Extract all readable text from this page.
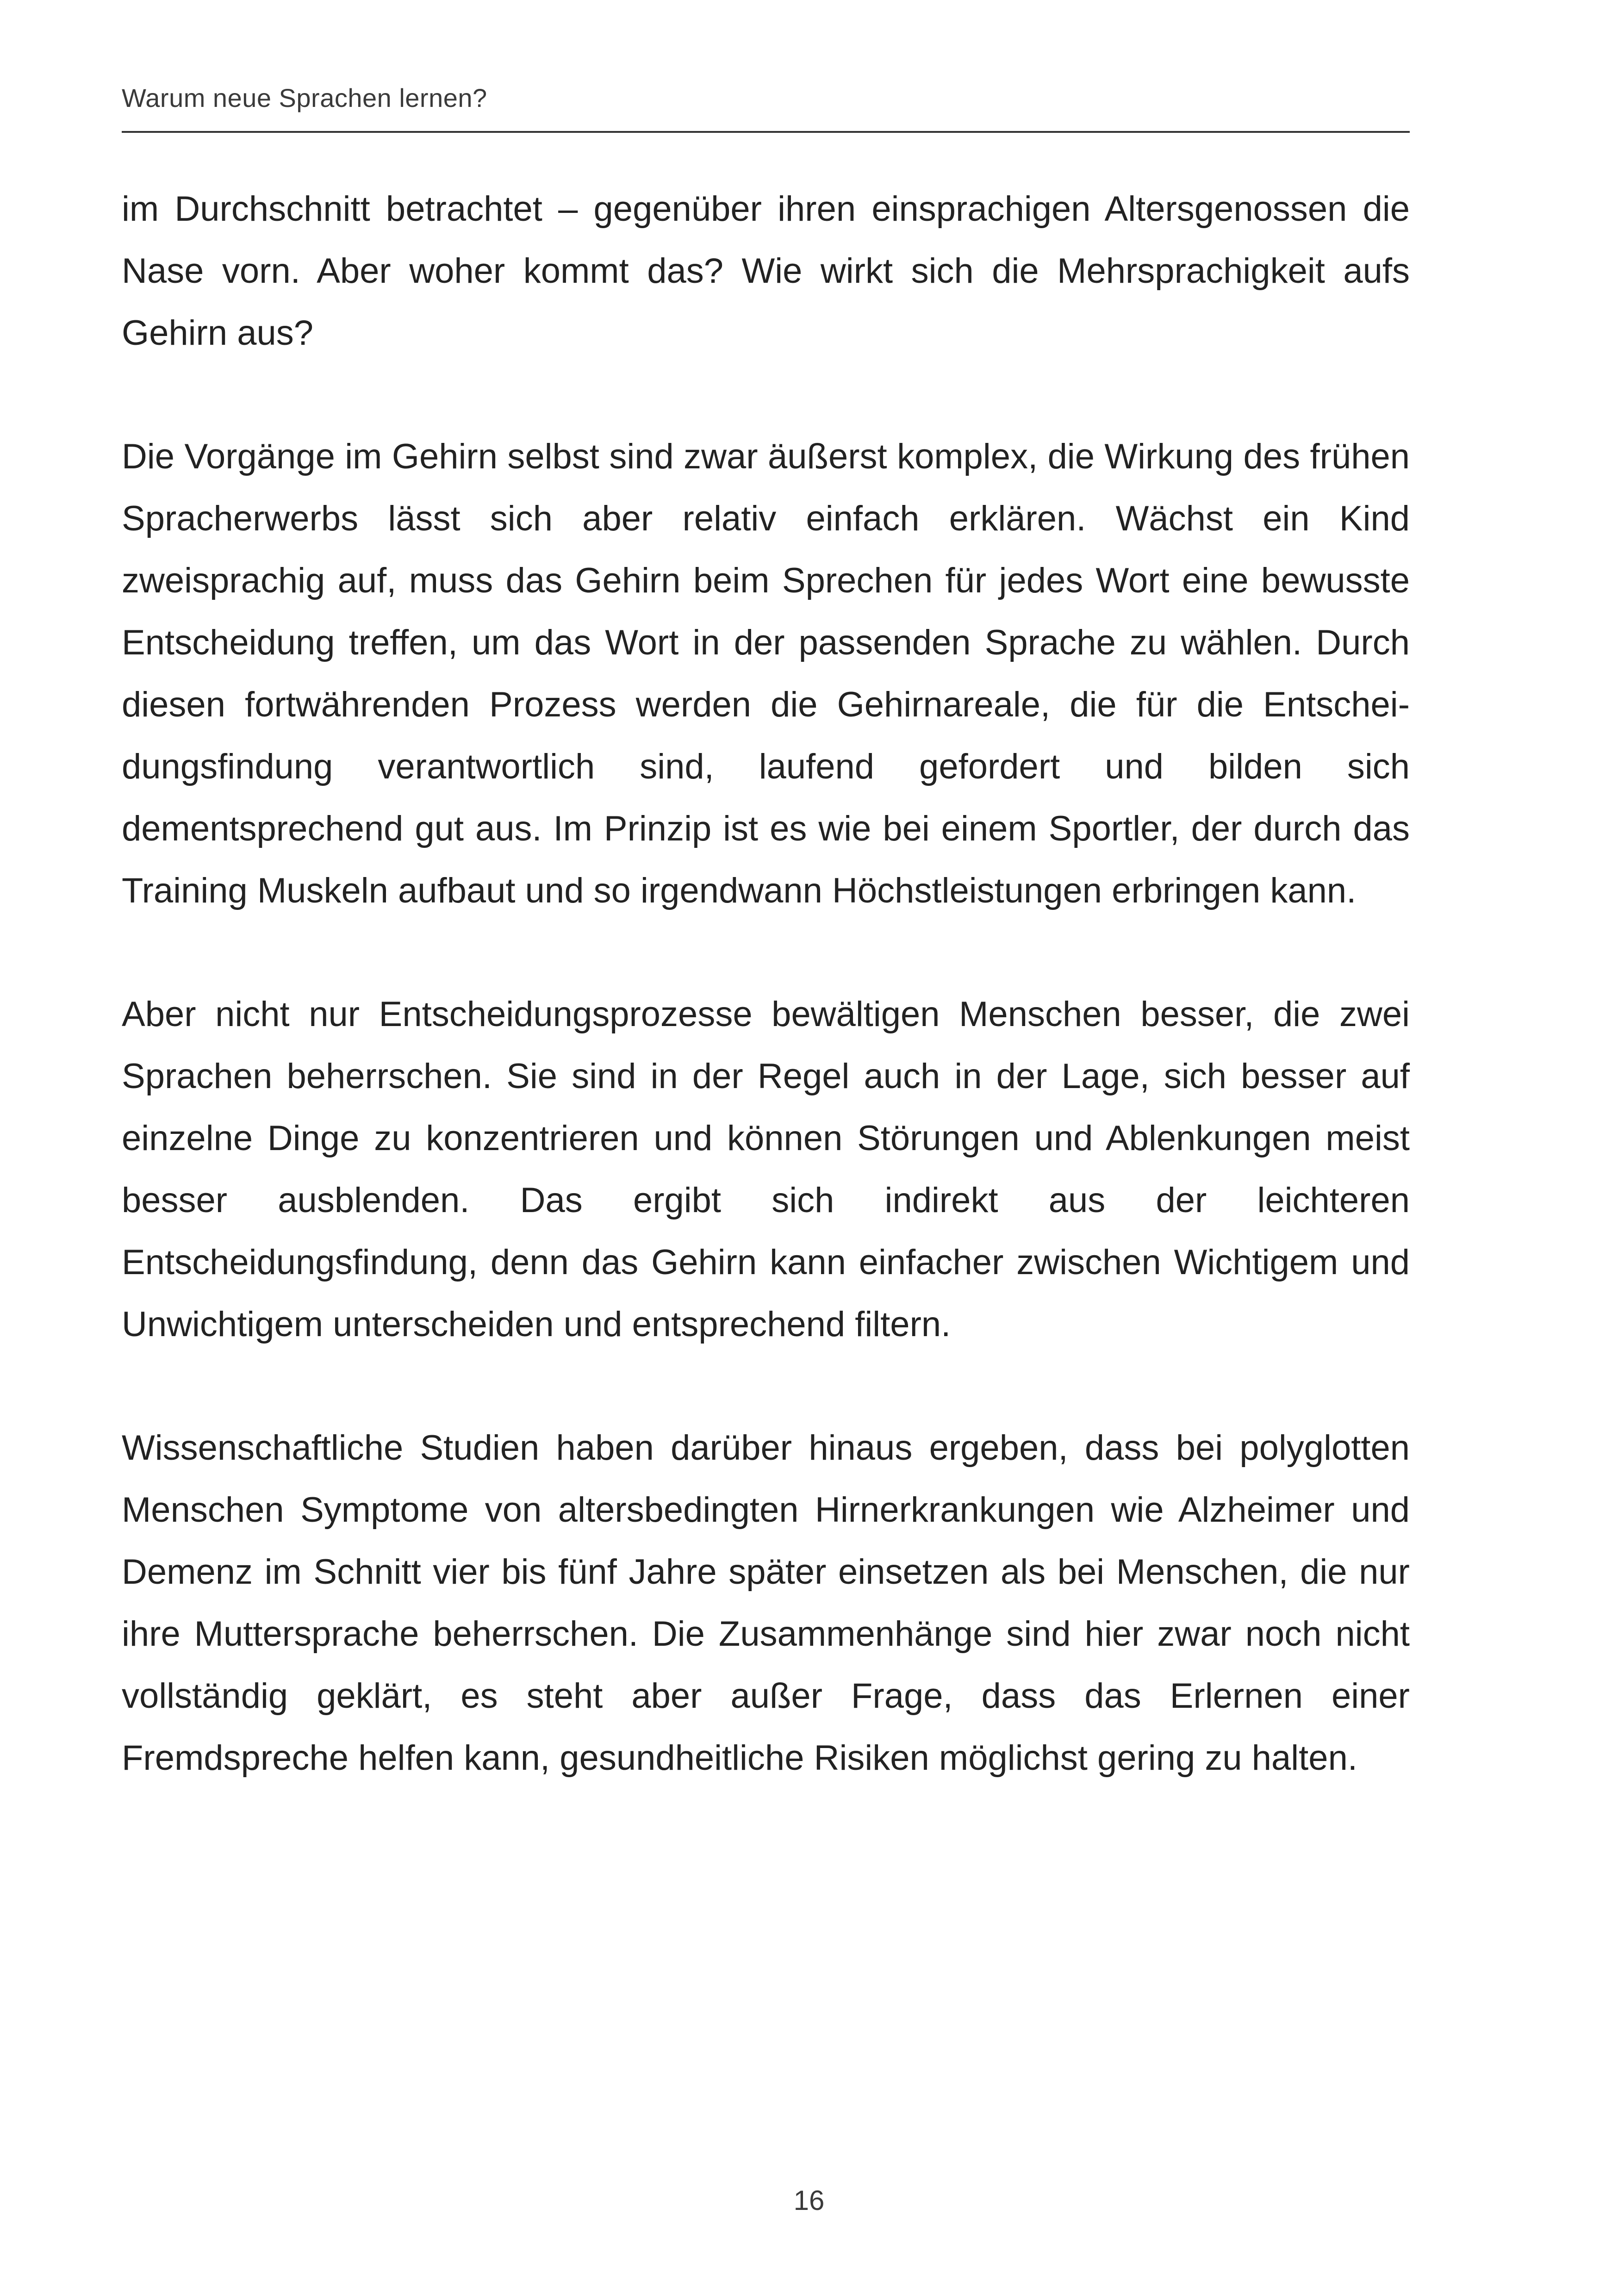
Warum neue Sprachen lernen?

im Durchschnitt betrachtet – gegenüber ihren einsprachigen Altersgenossen die Nase vorn. Aber woher kommt das? Wie wirkt sich die Mehrsprachigkeit aufs Gehirn aus?

Die Vorgänge im Gehirn selbst sind zwar äußerst komplex, die Wirkung des frühen Spracherwerbs lässt sich aber relativ einfach erklären. Wächst ein Kind zweisprachig auf, muss das Gehirn beim Sprechen für jedes Wort eine bewusste Entscheidung treffen, um das Wort in der passenden Sprache zu wählen. Durch diesen fortwährenden Prozess werden die Gehirnareale, die für die Entscheidungsfindung verantwortlich sind, laufend gefordert und bilden sich dementsprechend gut aus. Im Prinzip ist es wie bei einem Sportler, der durch das Training Muskeln aufbaut und so irgendwann Höchstleistungen erbringen kann.

Aber nicht nur Entscheidungsprozesse bewältigen Menschen besser, die zwei Sprachen beherrschen. Sie sind in der Regel auch in der Lage, sich besser auf einzelne Dinge zu konzentrieren und können Störungen und Ablenkungen meist besser ausblenden. Das ergibt sich indirekt aus der leichteren Entscheidungsfindung, denn das Gehirn kann einfacher zwischen Wichtigem und Unwichtigem unterscheiden und entsprechend filtern.

Wissenschaftliche Studien haben darüber hinaus ergeben, dass bei polyglotten Menschen Symptome von altersbedingten Hirnerkrankungen wie Alzheimer und Demenz im Schnitt vier bis fünf Jahre später einsetzen als bei Menschen, die nur ihre Muttersprache beherrschen. Die Zusammenhänge sind hier zwar noch nicht vollständig geklärt, es steht aber außer Frage, dass das Erlernen einer Fremdspreche helfen kann, gesundheitliche Risiken möglichst gering zu halten.

16
